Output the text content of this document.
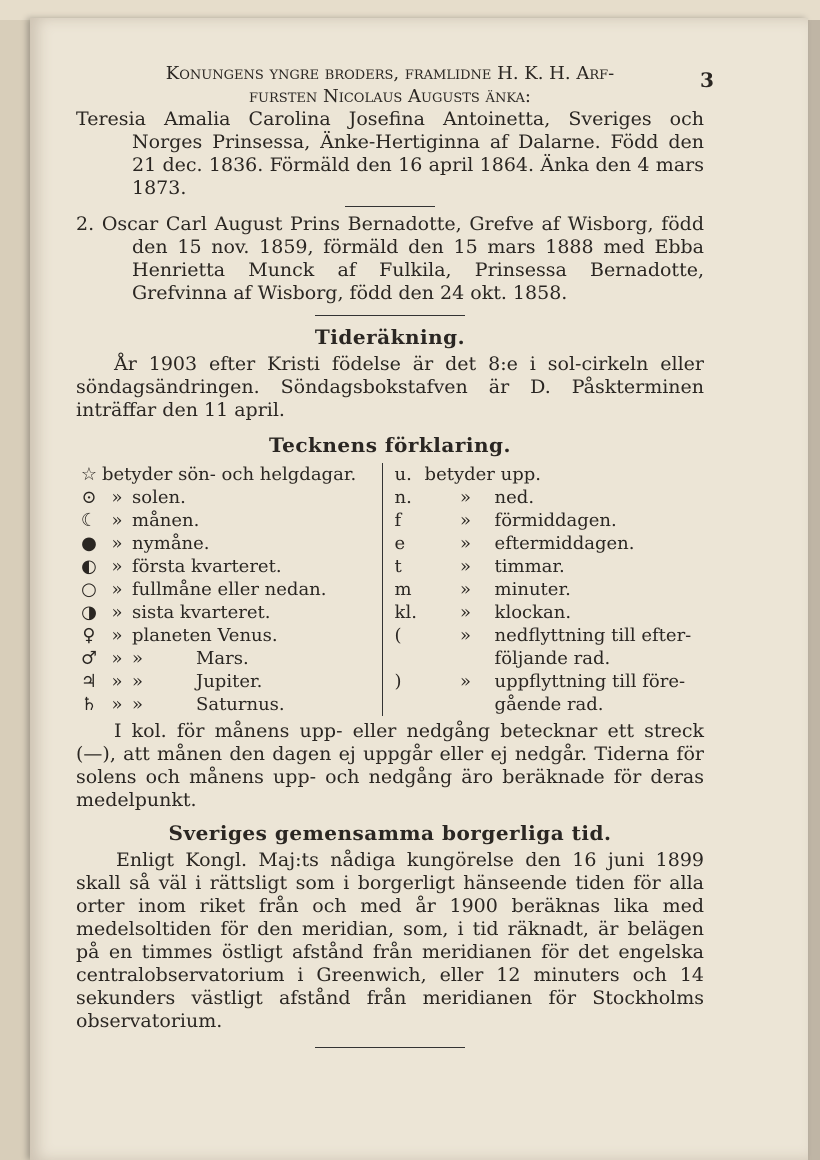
3

Konungens yngre broders, framlidne H. K. H. Arf-

fursten Nicolaus Augusts änka:

Teresia Amalia Carolina Josefina Antoinetta, Sveriges och Norges Prinsessa, Änke-Hertiginna af Dalarne. Född den 21 dec. 1836. Förmäld den 16 april 1864. Änka den 4 mars 1873.

2. Oscar Carl August Prins Bernadotte, Grefve af Wisborg, född den 15 nov. 1859, förmäld den 15 mars 1888 med Ebba Henrietta Munck af Fulkila, Prinsessa Bernadotte, Grefvinna af Wisborg, född den 24 okt. 1858.

Tideräkning.

År 1903 efter Kristi födelse är det 8:e i sol-cirkeln eller söndagsändringen. Söndagsbokstafven är D. Påskterminen inträffar den 11 april.

Tecknens förklaring.
☆ betyder sön- och helgdagar.
⊙ » solen.
☾ » månen.
● » nymåne.
◐ » första kvarteret.
○ » fullmåne eller nedan.
◑ » sista kvarteret.
♀ » planeten Venus.
♂ » »	Mars.
♃ » »	Jupiter.
♄ » »	Saturnus.
u. betyder upp.
n.	»	ned.
f	»	förmiddagen.
e	»	eftermiddagen.
t	»	timmar.
m	»	minuter.
kl.	»	klockan.
(	»	nedflyttning till efter-
följande rad.
)	»	uppflyttning till före-
gående rad.

I kol. för månens upp- eller nedgång betecknar ett streck (—), att månen den dagen ej uppgår eller ej nedgår. Tiderna för solens och månens upp- och nedgång äro beräknade för deras medelpunkt.

Sveriges gemensamma borgerliga tid.

Enligt Kongl. Maj:ts nådiga kungörelse den 16 juni 1899 skall så väl i rättsligt som i borgerligt hänseende tiden för alla orter inom riket från och med år 1900 beräknas lika med medelsoltiden för den meridian, som, i tid räknadt, är belägen på en timmes östligt afstånd från meridianen för det engelska centralobservatorium i Greenwich, eller 12 minuters och 14 sekunders västligt afstånd från meridianen för Stockholms observatorium.
